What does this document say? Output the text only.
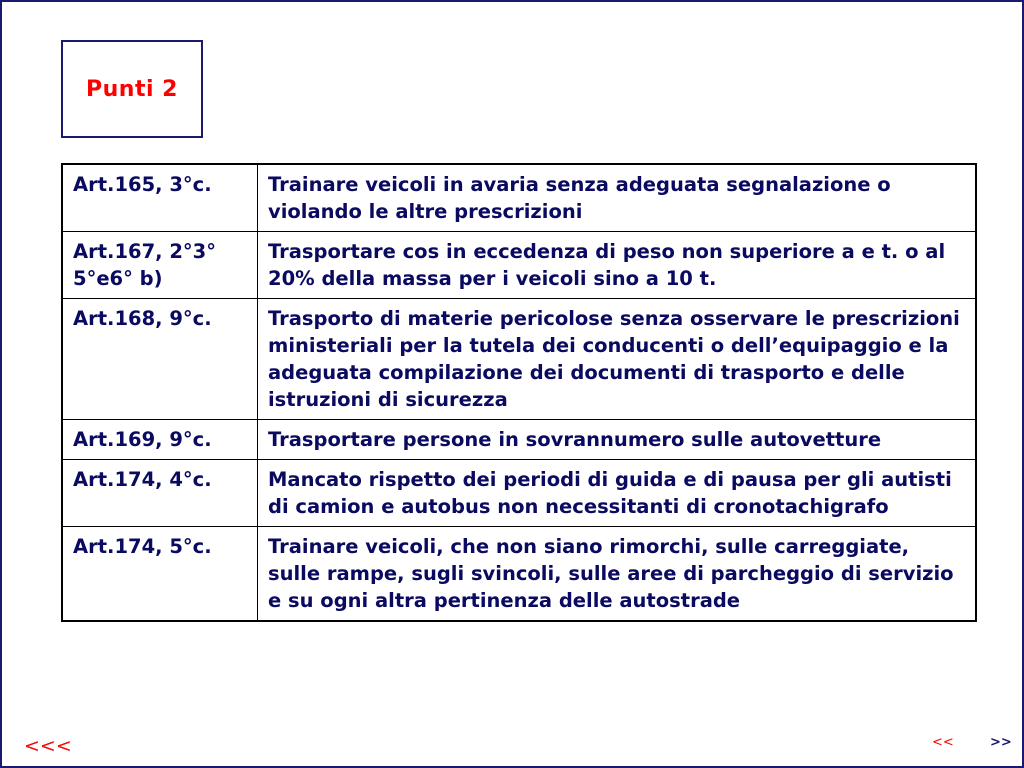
Punti 2
Art.165, 3°c.	Trainare veicoli in avaria senza adeguata segnalazione o violando le altre prescrizioni
Art.167, 2°3° 5°e6° b)	Trasportare cos in eccedenza di peso non superiore a e t. o al 20% della massa per i veicoli sino a 10 t.
Art.168, 9°c.	Trasporto di materie pericolose senza osservare le prescrizioni ministeriali per la tutela dei conducenti o dell’equipaggio e la adeguata compilazione dei documenti di trasporto e delle istruzioni di sicurezza
Art.169, 9°c.	Trasportare persone in sovrannumero sulle autovetture
Art.174, 4°c.	Mancato rispetto dei periodi di guida e di pausa per gli autisti di camion e autobus non necessitanti di cronotachigrafo
Art.174, 5°c.	Trainare veicoli, che non siano rimorchi, sulle carreggiate, sulle rampe, sugli svincoli, sulle aree di parcheggio di servizio e su ogni altra pertinenza delle autostrade
<<<	<<	>>
